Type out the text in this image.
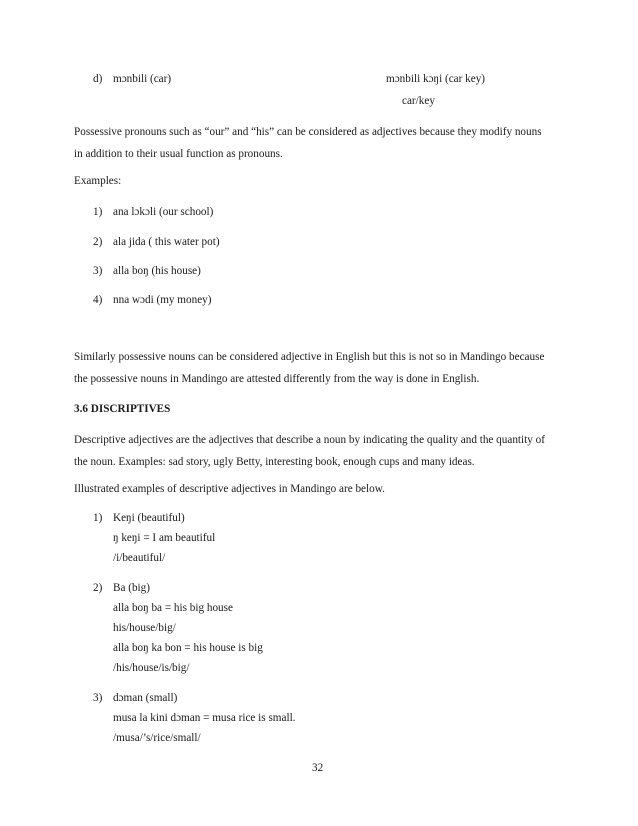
d) mɔnbili (car)	mɔnbili kɔŋi (car key)
car/key
Possessive pronouns such as “our” and “his” can be considered as adjectives because they modify nouns
in addition to their usual function as pronouns.
Examples:
1) ana lɔkɔli (our school)
2) ala jida ( this water pot)
3) alla boŋ (his house)
4) nna wɔdi (my money)
Similarly possessive nouns can be considered adjective in English but this is not so in Mandingo because
the possessive nouns in Mandingo are attested differently from the way is done in English.
3.6 DISCRIPTIVES
Descriptive adjectives are the adjectives that describe a noun by indicating the quality and the quantity of
the noun. Examples: sad story, ugly Betty, interesting book, enough cups and many ideas.
Illustrated examples of descriptive adjectives in Mandingo are below.
1) Keŋi (beautiful)
ŋ keŋi = I am beautiful
/i/beautiful/
2) Ba (big)
alla boŋ ba = his big house
his/house/big/
alla boŋ ka bon = his house is big
/his/house/is/big/
3) dɔman (small)
musa la kini dɔman = musa rice is small.
/musa/’s/rice/small/
32
